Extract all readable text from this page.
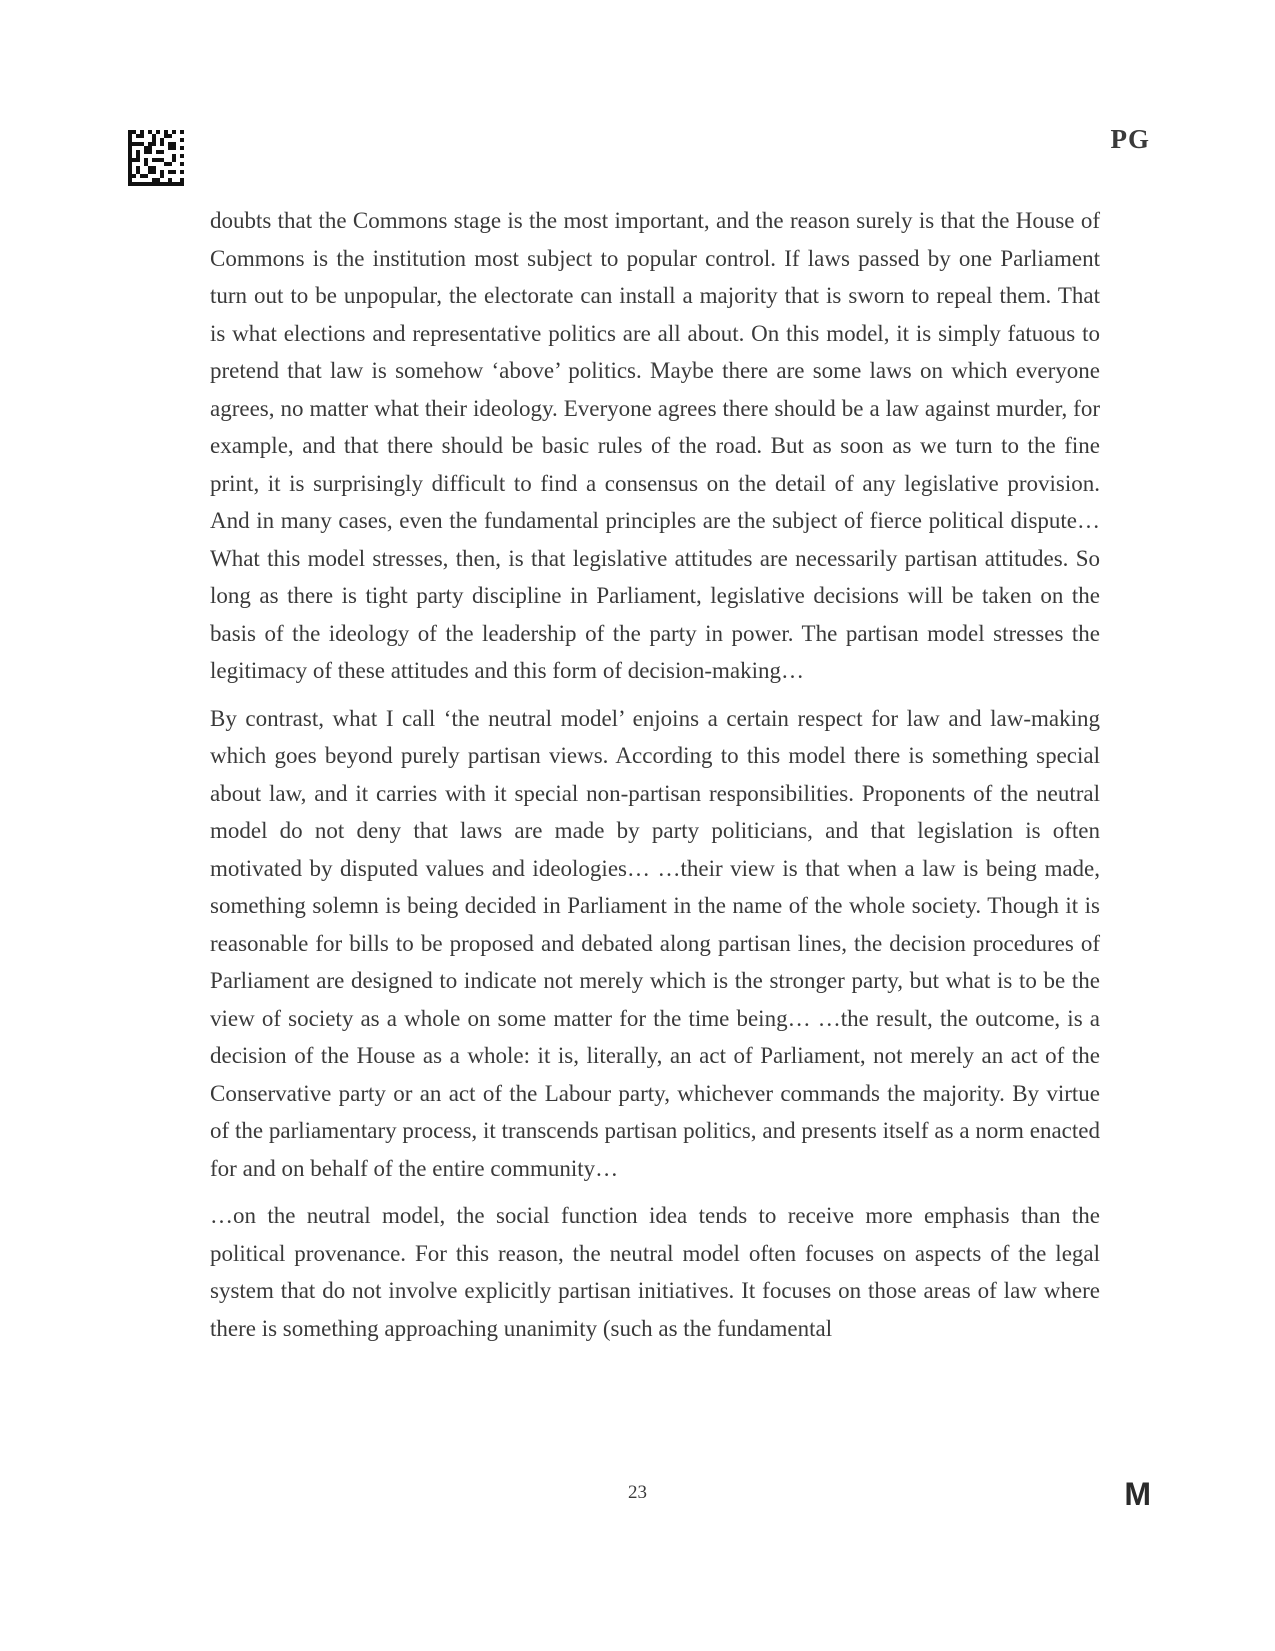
PG

doubts that the Commons stage is the most important, and the reason surely is that the House of Commons is the institution most subject to popular control. If laws passed by one Parliament turn out to be unpopular, the electorate can install a majority that is sworn to repeal them. That is what elections and representative politics are all about. On this model, it is simply fatuous to pretend that law is somehow ‘above’ politics. Maybe there are some laws on which everyone agrees, no matter what their ideology. Everyone agrees there should be a law against murder, for example, and that there should be basic rules of the road. But as soon as we turn to the fine print, it is surprisingly difficult to find a consensus on the detail of any legislative provision. And in many cases, even the fundamental principles are the subject of fierce political dispute… What this model stresses, then, is that legislative attitudes are necessarily partisan attitudes. So long as there is tight party discipline in Parliament, legislative decisions will be taken on the basis of the ideology of the leadership of the party in power. The partisan model stresses the legitimacy of these attitudes and this form of decision-making…

By contrast, what I call ‘the neutral model’ enjoins a certain respect for law and law-making which goes beyond purely partisan views. According to this model there is something special about law, and it carries with it special non-partisan responsibilities. Proponents of the neutral model do not deny that laws are made by party politicians, and that legislation is often motivated by disputed values and ideologies… …their view is that when a law is being made, something solemn is being decided in Parliament in the name of the whole society. Though it is reasonable for bills to be proposed and debated along partisan lines, the decision procedures of Parliament are designed to indicate not merely which is the stronger party, but what is to be the view of society as a whole on some matter for the time being… …the result, the outcome, is a decision of the House as a whole: it is, literally, an act of Parliament, not merely an act of the Conservative party or an act of the Labour party, whichever commands the majority. By virtue of the parliamentary process, it transcends partisan politics, and presents itself as a norm enacted for and on behalf of the entire community…

…on the neutral model, the social function idea tends to receive more emphasis than the political provenance. For this reason, the neutral model often focuses on aspects of the legal system that do not involve explicitly partisan initiatives. It focuses on those areas of law where there is something approaching unanimity (such as the fundamental

23	M
